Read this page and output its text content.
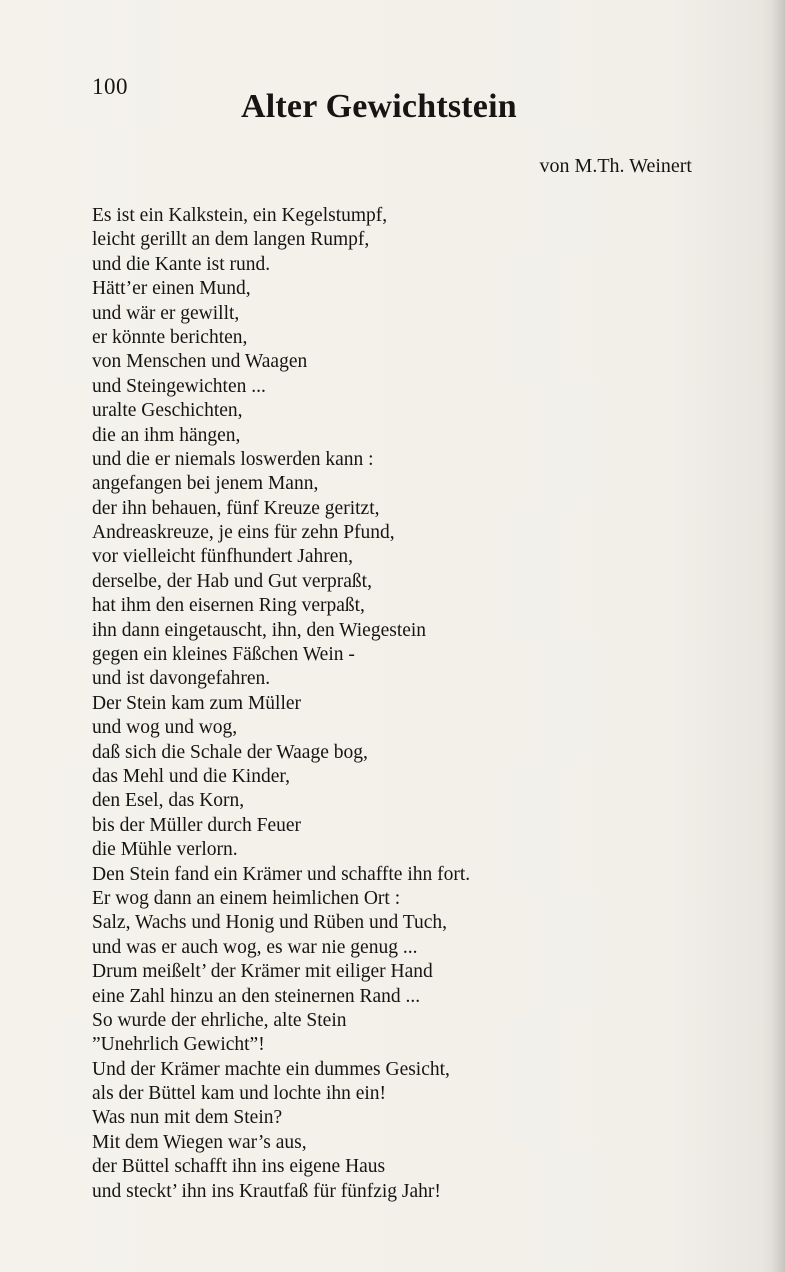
100
Alter Gewichtstein
von M.Th. Weinert
Es ist ein Kalkstein, ein Kegelstumpf,
leicht gerillt an dem langen Rumpf,
und die Kante ist rund.
Hätt’er einen Mund,
und wär er gewillt,
er könnte berichten,
von Menschen und Waagen
und Steingewichten ...
uralte Geschichten,
die an ihm hängen,
und die er niemals loswerden kann :
angefangen bei jenem Mann,
der ihn behauen, fünf Kreuze geritzt,
Andreaskreuze, je eins für zehn Pfund,
vor vielleicht fünfhundert Jahren,
derselbe, der Hab und Gut verpraßt,
hat ihm den eisernen Ring verpaßt,
ihn dann eingetauscht, ihn, den Wiegestein
gegen ein kleines Fäßchen Wein -
und ist davongefahren.
Der Stein kam zum Müller
und wog und wog,
daß sich die Schale der Waage bog,
das Mehl und die Kinder,
den Esel, das Korn,
bis der Müller durch Feuer
die Mühle verlorn.
Den Stein fand ein Krämer und schaffte ihn fort.
Er wog dann an einem heimlichen Ort :
Salz, Wachs und Honig und Rüben und Tuch,
und was er auch wog, es war nie genug ...
Drum meißelt’ der Krämer mit eiliger Hand
eine Zahl hinzu an den steinernen Rand ...
So wurde der ehrliche, alte Stein
”Unehrlich Gewicht”!
Und der Krämer machte ein dummes Gesicht,
als der Büttel kam und lochte ihn ein!
Was nun mit dem Stein?
Mit dem Wiegen war’s aus,
der Büttel schafft ihn ins eigene Haus
und steckt’ ihn ins Krautfaß für fünfzig Jahr!
